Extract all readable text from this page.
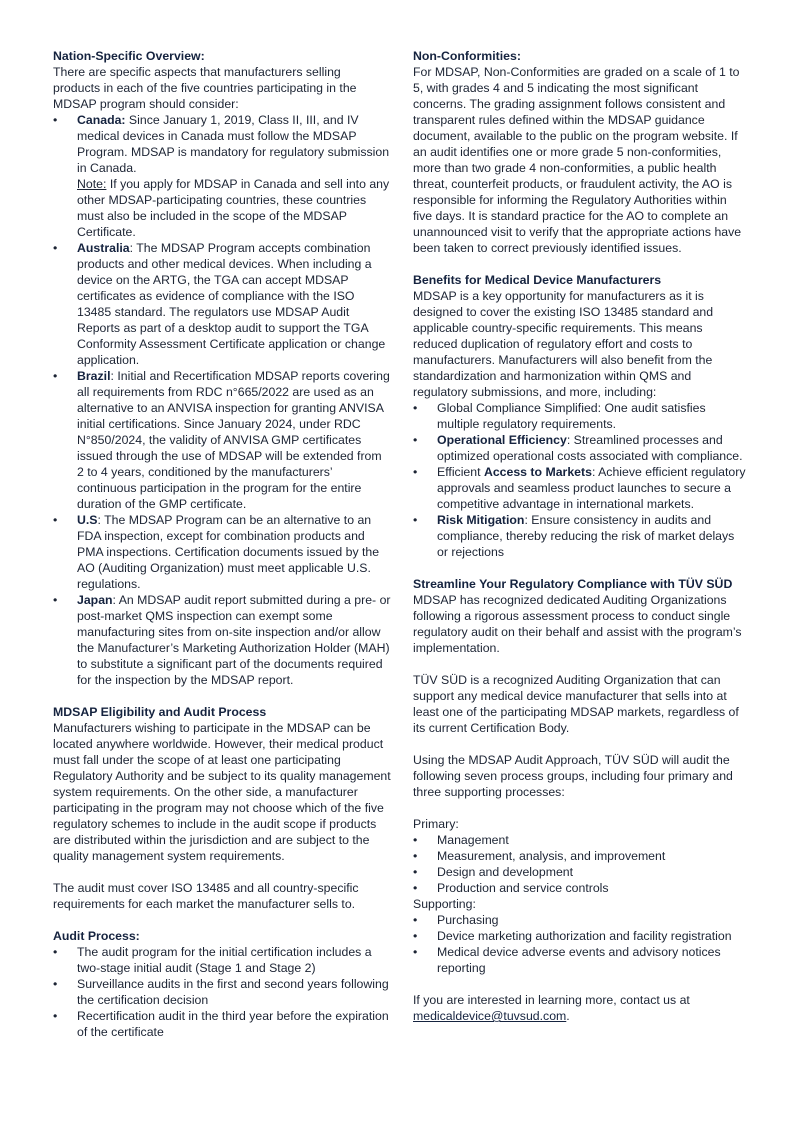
Nation-Specific Overview:

There are specific aspects that manufacturers selling products in each of the five countries participating in the MDSAP program should consider:

• Canada: Since January 1, 2019, Class II, III, and IV medical devices in Canada must follow the MDSAP Program. MDSAP is mandatory for regulatory submission in Canada.
Note: If you apply for MDSAP in Canada and sell into any other MDSAP-participating countries, these countries must also be included in the scope of the MDSAP Certificate.
• Australia: The MDSAP Program accepts combination products and other medical devices. When including a device on the ARTG, the TGA can accept MDSAP certificates as evidence of compliance with the ISO 13485 standard. The regulators use MDSAP Audit Reports as part of a desktop audit to support the TGA Conformity Assessment Certificate application or change application.
• Brazil: Initial and Recertification MDSAP reports covering all requirements from RDC n°665/2022 are used as an alternative to an ANVISA inspection for granting ANVISA initial certifications. Since January 2024, under RDC N°850/2024, the validity of ANVISA GMP certificates issued through the use of MDSAP will be extended from 2 to 4 years, conditioned by the manufacturers’ continuous participation in the program for the entire duration of the GMP certificate.
• U.S: The MDSAP Program can be an alternative to an FDA inspection, except for combination products and PMA inspections. Certification documents issued by the AO (Auditing Organization) must meet applicable U.S. regulations.
• Japan: An MDSAP audit report submitted during a pre- or post-market QMS inspection can exempt some manufacturing sites from on-site inspection and/or allow the Manufacturer’s Marketing Authorization Holder (MAH) to substitute a significant part of the documents required for the inspection by the MDSAP report.
MDSAP Eligibility and Audit Process

Manufacturers wishing to participate in the MDSAP can be located anywhere worldwide. However, their medical product must fall under the scope of at least one participating Regulatory Authority and be subject to its quality management system requirements. On the other side, a manufacturer participating in the program may not choose which of the five regulatory schemes to include in the audit scope if products are distributed within the jurisdiction and are subject to the quality management system requirements.

The audit must cover ISO 13485 and all country-specific requirements for each market the manufacturer sells to.

Audit Process:
• The audit program for the initial certification includes a two-stage initial audit (Stage 1 and Stage 2)
• Surveillance audits in the first and second years following the certification decision
• Recertification audit in the third year before the expiration of the certificate
Non-Conformities:

For MDSAP, Non-Conformities are graded on a scale of 1 to 5, with grades 4 and 5 indicating the most significant concerns. The grading assignment follows consistent and transparent rules defined within the MDSAP guidance document, available to the public on the program website. If an audit identifies one or more grade 5 non-conformities, more than two grade 4 non-conformities, a public health threat, counterfeit products, or fraudulent activity, the AO is responsible for informing the Regulatory Authorities within five days. It is standard practice for the AO to complete an unannounced visit to verify that the appropriate actions have been taken to correct previously identified issues.

Benefits for Medical Device Manufacturers

MDSAP is a key opportunity for manufacturers as it is designed to cover the existing ISO 13485 standard and applicable country-specific requirements. This means reduced duplication of regulatory effort and costs to manufacturers. Manufacturers will also benefit from the standardization and harmonization within QMS and regulatory submissions, and more, including:

• Global Compliance Simplified: One audit satisfies multiple regulatory requirements.
• Operational Efficiency: Streamlined processes and optimized operational costs associated with compliance.
• Efficient Access to Markets: Achieve efficient regulatory approvals and seamless product launches to secure a competitive advantage in international markets.
• Risk Mitigation: Ensure consistency in audits and compliance, thereby reducing the risk of market delays or rejections
Streamline Your Regulatory Compliance with TÜV SÜD

MDSAP has recognized dedicated Auditing Organizations following a rigorous assessment process to conduct single regulatory audit on their behalf and assist with the program’s implementation.

TÜV SÜD is a recognized Auditing Organization that can support any medical device manufacturer that sells into at least one of the participating MDSAP markets, regardless of its current Certification Body.

Using the MDSAP Audit Approach, TÜV SÜD will audit the following seven process groups, including four primary and three supporting processes:

Primary:

• Management
• Measurement, analysis, and improvement
• Design and development
• Production and service controls

Supporting:

• Purchasing
• Device marketing authorization and facility registration
• Medical device adverse events and advisory notices reporting

If you are interested in learning more, contact us at medicaldevice@tuvsud.com.
